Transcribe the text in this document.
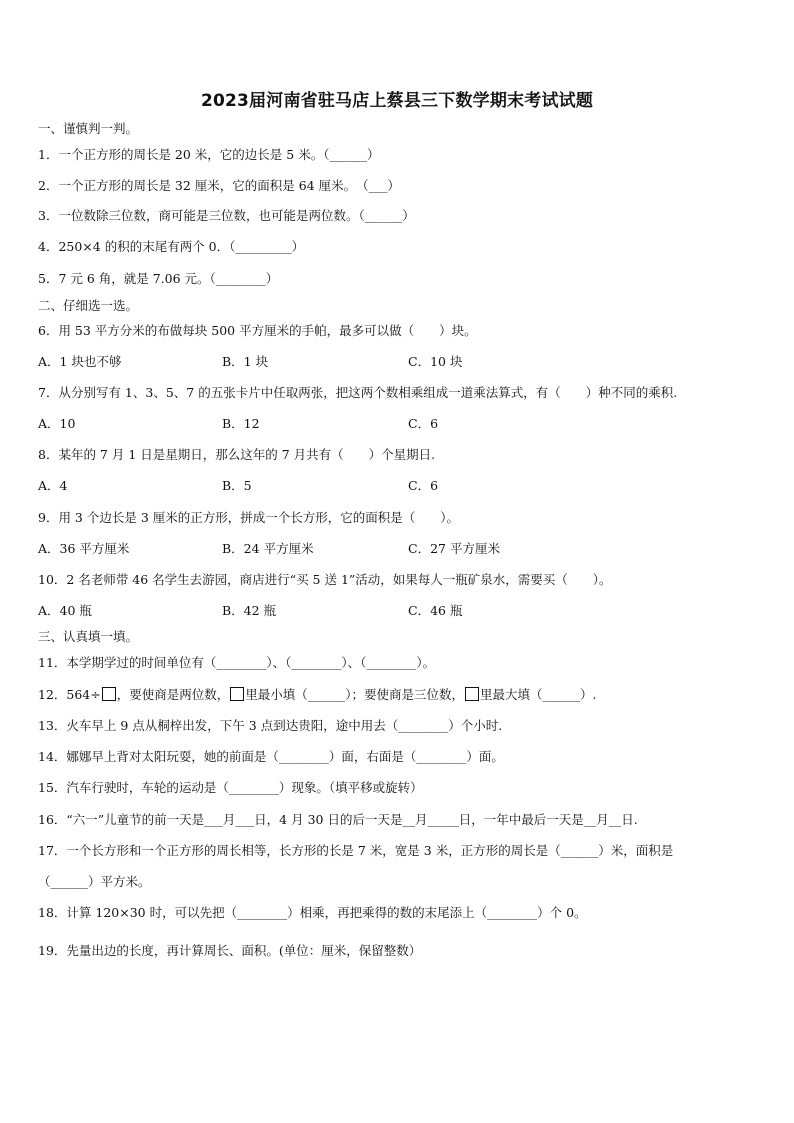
2023届河南省驻马店上蔡县三下数学期末考试试题
一、谨慎判一判。
1．一个正方形的周长是 20 米，它的边长是 5 米。（______）
2．一个正方形的周长是 32 厘米，它的面积是 64 厘米。　（___）
3．一位数除三位数，商可能是三位数，也可能是两位数。（______）
4．250×4 的积的末尾有两个 0．（_________）
5．7 元 6 角，就是 7.06 元。（________）
二、仔细选一选。
6．用 53 平方分米的布做每块 500 平方厘米的手帕，最多可以做（　　）块。
A．1 块也不够	B．1 块	C．10 块
7．从分别写有 1、3、5、7 的五张卡片中任取两张，把这两个数相乘组成一道乘法算式，有（　　）种不同的乘积.
A．10	B．12	C．6
8．某年的 7 月 1 日是星期日，那么这年的 7 月共有（　　）个星期日.
A．4	B．5	C．6
9．用 3 个边长是 3 厘米的正方形，拼成一个长方形，它的面积是（　　）。
A．36 平方厘米	B．24 平方厘米	C．27 平方厘米
10．2 名老师带 46 名学生去游园，商店进行“买 5 送 1”活动，如果每人一瓶矿泉水，需要买（　　）。
A．40 瓶	B．42 瓶	C．46 瓶
三、认真填一填。
11．本学期学过的时间单位有（________）、（________）、（________）。
12．564÷ ，要使商是两位数， 里最小填（______）；要使商是三位数， 里最大填（______）.
13．火车早上 9 点从桐梓出发，下午 3 点到达贵阳，途中用去（________）个小时.
14．娜娜早上背对太阳玩耍，她的前面是（________）面，右面是（________）面。
15．汽车行驶时，车轮的运动是（________）现象。（填平移或旋转）
16．“六一”儿童节的前一天是___月___日，4 月 30 日的后一天是__月_____日，一年中最后一天是__月__日.
17．一个长方形和一个正方形的周长相等，长方形的长是 7 米，宽是 3 米，正方形的周长是（______）米，面积是
（______）平方米。
18．计算 120×30 时，可以先把（________）相乘，再把乘得的数的末尾添上（________）个 0。
19．先量出边的长度，再计算周长、面积。(单位：厘米，保留整数）
